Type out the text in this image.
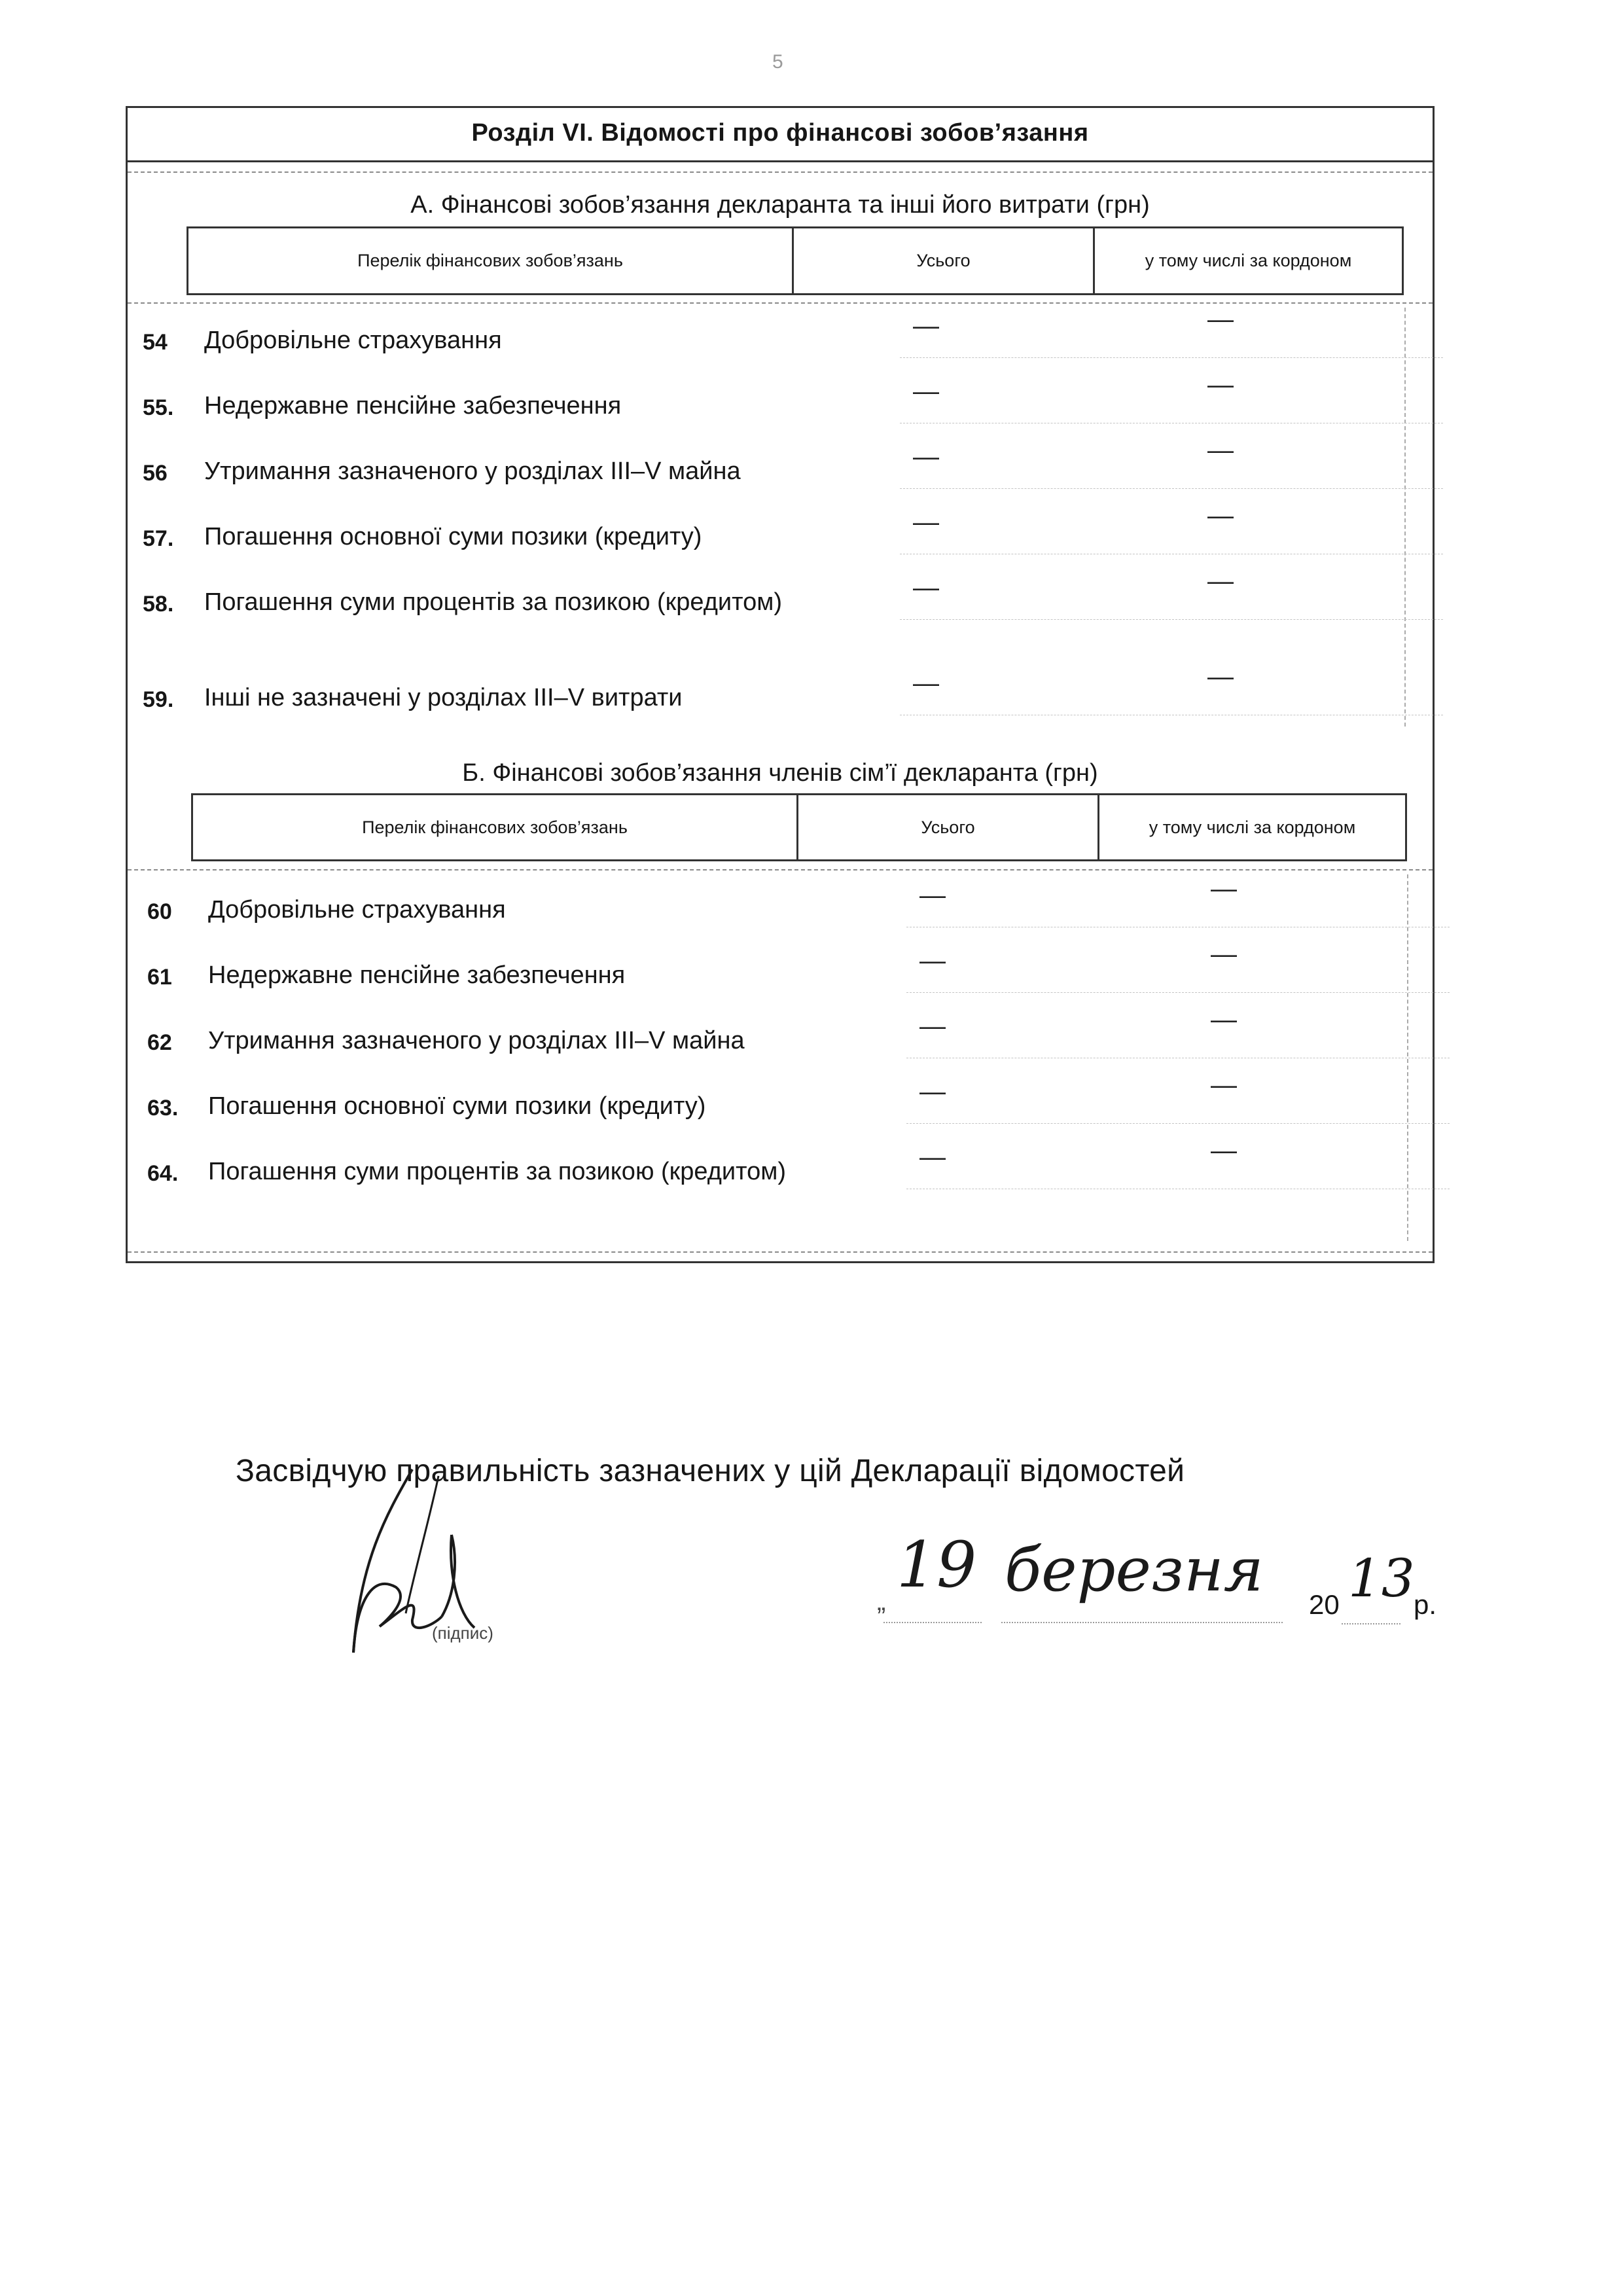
5
Розділ VI. Відомості про фінансові зобов’язання
А. Фінансові зобов’язання декларанта та інші його витрати (грн)
Перелік фінансових зобов’язань	Усього	у тому числі за кордоном
54	Добровільне страхування	—	—
55.	Недержавне пенсійне забезпечення	—	—
56	Утримання зазначеного у розділах ІІІ–V майна	—	—
57.	Погашення основної суми позики (кредиту)	—	—
58.	Погашення суми процентів за позикою (кредитом)	—	—
59.	Інші не зазначені у розділах ІІІ–V витрати	—	—
Б. Фінансові зобов’язання членів сім’ї декларанта (грн)
Перелік фінансових зобов’язань	Усього	у тому числі за кордоном
60	Добровільне страхування	—	—
61	Недержавне пенсійне забезпечення	—	—
62	Утримання зазначеного у розділах ІІІ–V майна	—	—
63.	Погашення основної суми позики (кредиту)	—	—
64.	Погашення суми процентів за позикою (кредитом)	—	—
Засвідчую правильність зазначених у цій Декларації відомостей
(підпис)
„ 19 березня 20 13
р.
